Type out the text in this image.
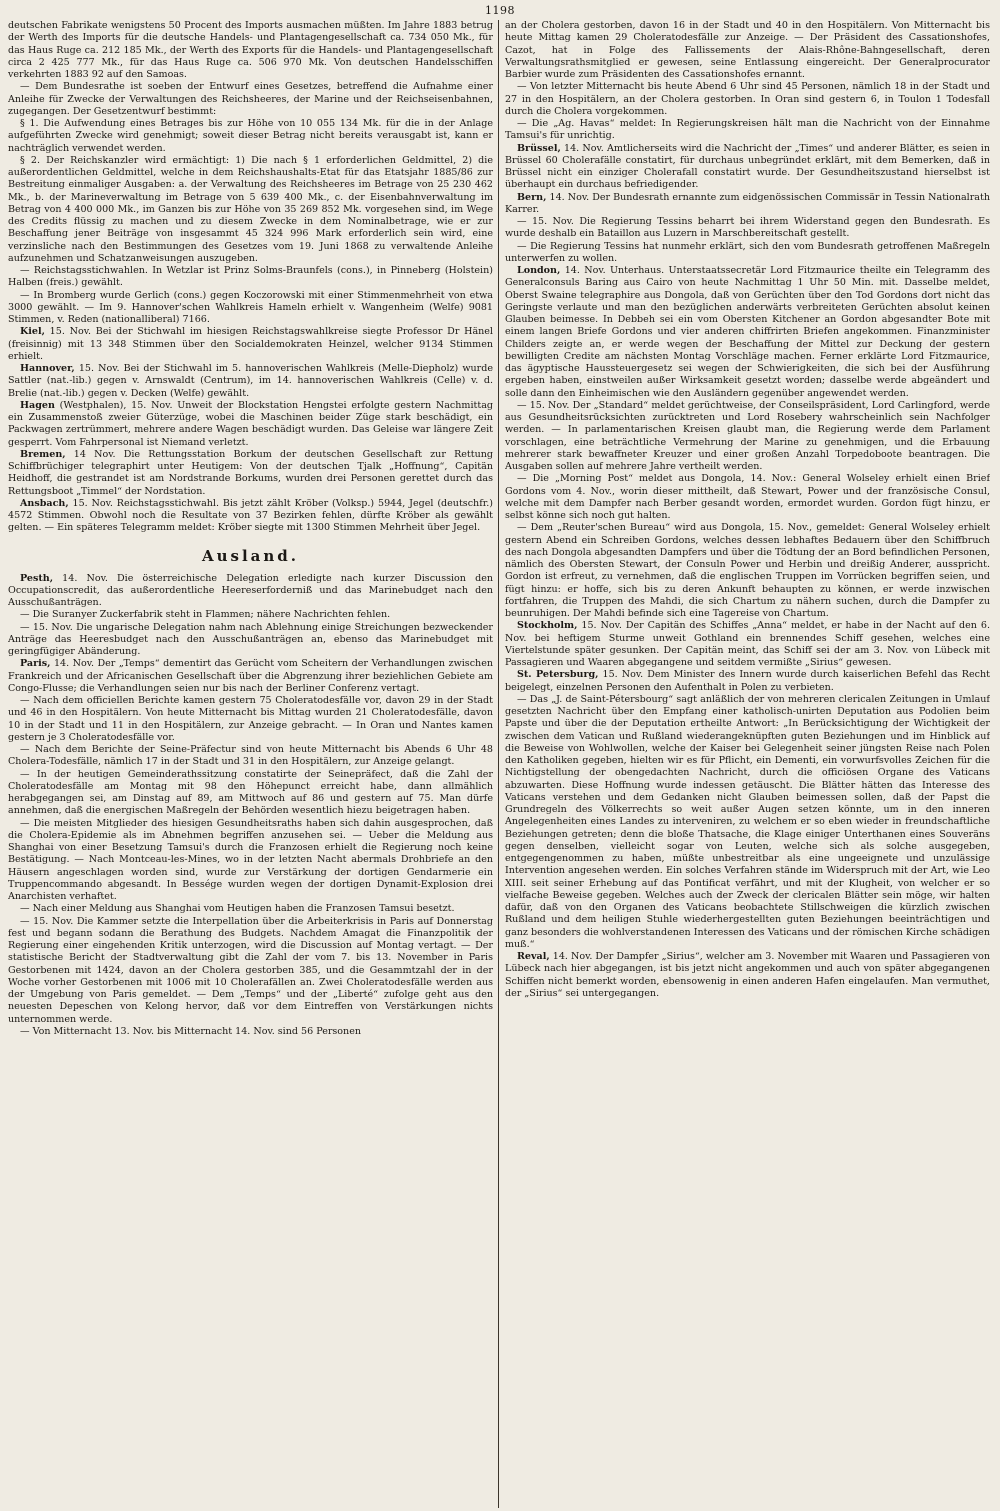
1198

deutschen Fabrikate wenigstens 50 Procent des Imports ausmachen müßten. Im Jahre 1883 betrug der Werth des Imports für die deutsche Handels- und Plantagengesellschaft ca. 734 050 Mk., für das Haus Ruge ca. 212 185 Mk., der Werth des Exports für die Handels- und Plantagengesellschaft circa 2 425 777 Mk., für das Haus Ruge ca. 506 970 Mk. Von deutschen Handelsschiffen verkehrten 1883 92 auf den Samoas.

— Dem Bundesrathe ist soeben der Entwurf eines Gesetzes, betreffend die Aufnahme einer Anleihe für Zwecke der Verwaltungen des Reichsheeres, der Marine und der Reichseisenbahnen, zugegangen. Der Gesetzentwurf bestimmt:

§ 1. Die Aufwendung eines Betrages bis zur Höhe von 10 055 134 Mk. für die in der Anlage aufgeführten Zwecke wird genehmigt; soweit dieser Betrag nicht bereits verausgabt ist, kann er nachträglich verwendet werden.

§ 2. Der Reichskanzler wird ermächtigt: 1) Die nach § 1 erforderlichen Geldmittel, 2) die außerordentlichen Geldmittel, welche in dem Reichshaushalts-Etat für das Etatsjahr 1885/86 zur Bestreitung einmaliger Ausgaben: a. der Verwaltung des Reichsheeres im Betrage von 25 230 462 Mk., b. der Marineverwaltung im Betrage von 5 639 400 Mk., c. der Eisenbahnverwaltung im Betrag von 4 400 000 Mk., im Ganzen bis zur Höhe von 35 269 852 Mk. vorgesehen sind, im Wege des Credits flüssig zu machen und zu diesem Zwecke in dem Nominalbetrage, wie er zur Beschaffung jener Beiträge von insgesammt 45 324 996 Mark erforderlich sein wird, eine verzinsliche nach den Bestimmungen des Gesetzes vom 19. Juni 1868 zu verwaltende Anleihe aufzunehmen und Schatzanweisungen auszugeben.

— Reichstagsstichwahlen. In Wetzlar ist Prinz Solms-Braunfels (cons.), in Pinneberg (Holstein) Halben (freis.) gewählt.

— In Bromberg wurde Gerlich (cons.) gegen Koczorowski mit einer Stimmenmehrheit von etwa 3000 gewählt. — Im 9. Hannover'schen Wahlkreis Hameln erhielt v. Wangenheim (Welfe) 9081 Stimmen, v. Reden (nationalliberal) 7166.

Kiel, 15. Nov. Bei der Stichwahl im hiesigen Reichstagswahlkreise siegte Professor Dr Hänel (freisinnig) mit 13 348 Stimmen über den Socialdemokraten Heinzel, welcher 9134 Stimmen erhielt.

Hannover, 15. Nov. Bei der Stichwahl im 5. hannoverischen Wahlkreis (Melle-Diepholz) wurde Sattler (nat.-lib.) gegen v. Arnswaldt (Centrum), im 14. hannoverischen Wahlkreis (Celle) v. d. Brelie (nat.-lib.) gegen v. Decken (Welfe) gewählt.

Hagen (Westphalen), 15. Nov. Unweit der Blockstation Hengstei erfolgte gestern Nachmittag ein Zusammenstoß zweier Güterzüge, wobei die Maschinen beider Züge stark beschädigt, ein Packwagen zertrümmert, mehrere andere Wagen beschädigt wurden. Das Geleise war längere Zeit gesperrt. Vom Fahrpersonal ist Niemand verletzt.

Bremen, 14 Nov. Die Rettungsstation Borkum der deutschen Gesellschaft zur Rettung Schiffbrüchiger telegraphirt unter Heutigem: Von der deutschen Tjalk „Hoffnung“, Capitän Heidhoff, die gestrandet ist am Nordstrande Borkums, wurden drei Personen gerettet durch das Rettungsboot „Timmel“ der Nordstation.

Ansbach, 15. Nov. Reichstagsstichwahl. Bis jetzt zählt Kröber (Volksp.) 5944, Jegel (deutschfr.) 4572 Stimmen. Obwohl noch die Resultate von 37 Bezirken fehlen, dürfte Kröber als gewählt gelten. — Ein späteres Telegramm meldet: Kröber siegte mit 1300 Stimmen Mehrheit über Jegel.

Ausland.

Pesth, 14. Nov. Die österreichische Delegation erledigte nach kurzer Discussion den Occupationscredit, das außerordentliche Heereserforderniß und das Marinebudget nach den Ausschußanträgen.

— Die Suranyer Zuckerfabrik steht in Flammen; nähere Nachrichten fehlen.

— 15. Nov. Die ungarische Delegation nahm nach Ablehnung einige Streichungen bezweckender Anträge das Heeresbudget nach den Ausschußanträgen an, ebenso das Marinebudget mit geringfügiger Abänderung.

Paris, 14. Nov. Der „Temps“ dementirt das Gerücht vom Scheitern der Verhandlungen zwischen Frankreich und der Africanischen Gesellschaft über die Abgrenzung ihrer beziehlichen Gebiete am Congo-Flusse; die Verhandlungen seien nur bis nach der Berliner Conferenz vertagt.

— Nach dem officiellen Berichte kamen gestern 75 Choleratodesfälle vor, davon 29 in der Stadt und 46 in den Hospitälern. Von heute Mitternacht bis Mittag wurden 21 Choleratodesfälle, davon 10 in der Stadt und 11 in den Hospitälern, zur Anzeige gebracht. — In Oran und Nantes kamen gestern je 3 Choleratodesfälle vor.

— Nach dem Berichte der Seine-Präfectur sind von heute Mitternacht bis Abends 6 Uhr 48 Cholera-Todesfälle, nämlich 17 in der Stadt und 31 in den Hospitälern, zur Anzeige gelangt.

— In der heutigen Gemeinderathssitzung constatirte der Seinepräfect, daß die Zahl der Choleratodesfälle am Montag mit 98 den Höhepunct erreicht habe, dann allmählich herabgegangen sei, am Dinstag auf 89, am Mittwoch auf 86 und gestern auf 75. Man dürfe annehmen, daß die energischen Maßregeln der Behörden wesentlich hiezu beigetragen haben.

— Die meisten Mitglieder des hiesigen Gesundheitsraths haben sich dahin ausgesprochen, daß die Cholera-Epidemie als im Abnehmen begriffen anzusehen sei. — Ueber die Meldung aus Shanghai von einer Besetzung Tamsui's durch die Franzosen erhielt die Regierung noch keine Bestätigung. — Nach Montceau-les-Mines, wo in der letzten Nacht abermals Drohbriefe an den Häusern angeschlagen worden sind, wurde zur Verstärkung der dortigen Gendarmerie ein Truppencommando abgesandt. In Bessége wurden wegen der dortigen Dynamit-Explosion drei Anarchisten verhaftet.

— Nach einer Meldung aus Shanghai vom Heutigen haben die Franzosen Tamsui besetzt.

— 15. Nov. Die Kammer setzte die Interpellation über die Arbeiterkrisis in Paris auf Donnerstag fest und begann sodann die Berathung des Budgets. Nachdem Amagat die Finanzpolitik der Regierung einer eingehenden Kritik unterzogen, wird die Discussion auf Montag vertagt. — Der statistische Bericht der Stadtverwaltung gibt die Zahl der vom 7. bis 13. November in Paris Gestorbenen mit 1424, davon an der Cholera gestorben 385, und die Gesammtzahl der in der Woche vorher Gestorbenen mit 1006 mit 10 Cholerafällen an. Zwei Choleratodesfälle werden aus der Umgebung von Paris gemeldet. — Dem „Temps“ und der „Liberté“ zufolge geht aus den neuesten Depeschen von Kelong hervor, daß vor dem Eintreffen von Verstärkungen nichts unternommen werde.

— Von Mitternacht 13. Nov. bis Mitternacht 14. Nov. sind 56 Personen

an der Cholera gestorben, davon 16 in der Stadt und 40 in den Hospitälern. Von Mitternacht bis heute Mittag kamen 29 Choleratodesfälle zur Anzeige. — Der Präsident des Cassationshofes, Cazot, hat in Folge des Fallissements der Alais-Rhône-Bahngesellschaft, deren Verwaltungsrathsmitglied er gewesen, seine Entlassung eingereicht. Der Generalprocurator Barbier wurde zum Präsidenten des Cassationshofes ernannt.

— Von letzter Mitternacht bis heute Abend 6 Uhr sind 45 Personen, nämlich 18 in der Stadt und 27 in den Hospitälern, an der Cholera gestorben. In Oran sind gestern 6, in Toulon 1 Todesfall durch die Cholera vorgekommen.

— Die „Ag. Havas“ meldet: In Regierungskreisen hält man die Nachricht von der Einnahme Tamsui's für unrichtig.

Brüssel, 14. Nov. Amtlicherseits wird die Nachricht der „Times“ und anderer Blätter, es seien in Brüssel 60 Cholerafälle constatirt, für durchaus unbegründet erklärt, mit dem Bemerken, daß in Brüssel nicht ein einziger Cholerafall constatirt wurde. Der Gesundheitszustand hierselbst ist überhaupt ein durchaus befriedigender.

Bern, 14. Nov. Der Bundesrath ernannte zum eidgenössischen Commissär in Tessin Nationalrath Karrer.

— 15. Nov. Die Regierung Tessins beharrt bei ihrem Widerstand gegen den Bundesrath. Es wurde deshalb ein Bataillon aus Luzern in Marschbereitschaft gestellt.

— Die Regierung Tessins hat nunmehr erklärt, sich den vom Bundesrath getroffenen Maßregeln unterwerfen zu wollen.

London, 14. Nov. Unterhaus. Unterstaatssecretär Lord Fitzmaurice theilte ein Telegramm des Generalconsuls Baring aus Cairo von heute Nachmittag 1 Uhr 50 Min. mit. Dasselbe meldet, Oberst Swaine telegraphire aus Dongola, daß von Gerüchten über den Tod Gordons dort nicht das Geringste verlaute und man den bezüglichen anderwärts verbreiteten Gerüchten absolut keinen Glauben beimesse. In Debbeh sei ein vom Obersten Kitchener an Gordon abgesandter Bote mit einem langen Briefe Gordons und vier anderen chiffrirten Briefen angekommen. Finanzminister Childers zeigte an, er werde wegen der Beschaffung der Mittel zur Deckung der gestern bewilligten Credite am nächsten Montag Vorschläge machen. Ferner erklärte Lord Fitzmaurice, das ägyptische Haussteuergesetz sei wegen der Schwierigkeiten, die sich bei der Ausführung ergeben haben, einstweilen außer Wirksamkeit gesetzt worden; dasselbe werde abgeändert und solle dann den Einheimischen wie den Ausländern gegenüber angewendet werden.

— 15. Nov. Der „Standard“ meldet gerüchtweise, der Conseilspräsident, Lord Carlingford, werde aus Gesundheitsrücksichten zurücktreten und Lord Rosebery wahrscheinlich sein Nachfolger werden. — In parlamentarischen Kreisen glaubt man, die Regierung werde dem Parlament vorschlagen, eine beträchtliche Vermehrung der Marine zu genehmigen, und die Erbauung mehrerer stark bewaffneter Kreuzer und einer großen Anzahl Torpedoboote beantragen. Die Ausgaben sollen auf mehrere Jahre vertheilt werden.

— Die „Morning Post“ meldet aus Dongola, 14. Nov.: General Wolseley erhielt einen Brief Gordons vom 4. Nov., worin dieser mittheilt, daß Stewart, Power und der französische Consul, welche mit dem Dampfer nach Berber gesandt worden, ermordet wurden. Gordon fügt hinzu, er selbst könne sich noch gut halten.

— Dem „Reuter'schen Bureau“ wird aus Dongola, 15. Nov., gemeldet: General Wolseley erhielt gestern Abend ein Schreiben Gordons, welches dessen lebhaftes Bedauern über den Schiffbruch des nach Dongola abgesandten Dampfers und über die Tödtung der an Bord befindlichen Personen, nämlich des Obersten Stewart, der Consuln Power und Herbin und dreißig Anderer, ausspricht. Gordon ist erfreut, zu vernehmen, daß die englischen Truppen im Vorrücken begriffen seien, und fügt hinzu: er hoffe, sich bis zu deren Ankunft behaupten zu können, er werde inzwischen fortfahren, die Truppen des Mahdi, die sich Chartum zu nähern suchen, durch die Dampfer zu beunruhigen. Der Mahdi befinde sich eine Tagereise von Chartum.

Stockholm, 15. Nov. Der Capitän des Schiffes „Anna“ meldet, er habe in der Nacht auf den 6. Nov. bei heftigem Sturme unweit Gothland ein brennendes Schiff gesehen, welches eine Viertelstunde später gesunken. Der Capitän meint, das Schiff sei der am 3. Nov. von Lübeck mit Passagieren und Waaren abgegangene und seitdem vermißte „Sirius“ gewesen.

St. Petersburg, 15. Nov. Dem Minister des Innern wurde durch kaiserlichen Befehl das Recht beigelegt, einzelnen Personen den Aufenthalt in Polen zu verbieten.

— Das „J. de Saint-Pétersbourg“ sagt anläßlich der von mehreren clericalen Zeitungen in Umlauf gesetzten Nachricht über den Empfang einer katholisch-unirten Deputation aus Podolien beim Papste und über die der Deputation ertheilte Antwort: „In Berücksichtigung der Wichtigkeit der zwischen dem Vatican und Rußland wiederangeknüpften guten Beziehungen und im Hinblick auf die Beweise von Wohlwollen, welche der Kaiser bei Gelegenheit seiner jüngsten Reise nach Polen den Katholiken gegeben, hielten wir es für Pflicht, ein Dementi, ein vorwurfsvolles Zeichen für die Nichtigstellung der obengedachten Nachricht, durch die officiösen Organe des Vaticans abzuwarten. Diese Hoffnung wurde indessen getäuscht. Die Blätter hätten das Interesse des Vaticans verstehen und dem Gedanken nicht Glauben beimessen sollen, daß der Papst die Grundregeln des Völkerrechts so weit außer Augen setzen könnte, um in den inneren Angelegenheiten eines Landes zu interveniren, zu welchem er so eben wieder in freundschaftliche Beziehungen getreten; denn die bloße Thatsache, die Klage einiger Unterthanen eines Souveräns gegen denselben, vielleicht sogar von Leuten, welche sich als solche ausgegeben, entgegengenommen zu haben, müßte unbestreitbar als eine ungeeignete und unzulässige Intervention angesehen werden. Ein solches Verfahren stände im Widerspruch mit der Art, wie Leo XIII. seit seiner Erhebung auf das Pontificat verfährt, und mit der Klugheit, von welcher er so vielfache Beweise gegeben. Welches auch der Zweck der clericalen Blätter sein möge, wir halten dafür, daß von den Organen des Vaticans beobachtete Stillschweigen die kürzlich zwischen Rußland und dem heiligen Stuhle wiederhergestellten guten Beziehungen beeinträchtigen und ganz besonders die wohlverstandenen Interessen des Vaticans und der römischen Kirche schädigen muß.“

Reval, 14. Nov. Der Dampfer „Sirius“, welcher am 3. November mit Waaren und Passagieren von Lübeck nach hier abgegangen, ist bis jetzt nicht angekommen und auch von später abgegangenen Schiffen nicht bemerkt worden, ebensowenig in einen anderen Hafen eingelaufen. Man vermuthet, der „Sirius“ sei untergegangen.
